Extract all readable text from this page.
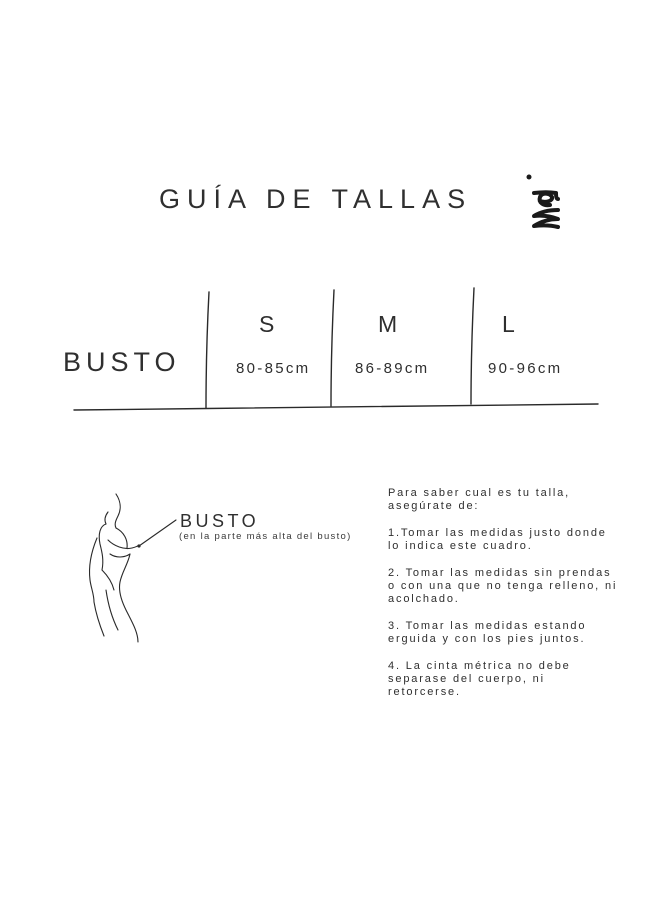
GUÍA DE TALLAS
BUSTO
S	M	L
80-85cm	86-89cm	90-96cm
BUSTO
(en la parte más alta del busto)

Para saber cual es tu talla, asegúrate de:

1.Tomar las medidas justo donde lo indica este cuadro.

2. Tomar las medidas sin prendas o con una que no tenga relleno, ni acolchado.

3. Tomar las medidas estando erguida y con los pies juntos.

4. La cinta métrica no debe separase del cuerpo, ni retorcerse.
